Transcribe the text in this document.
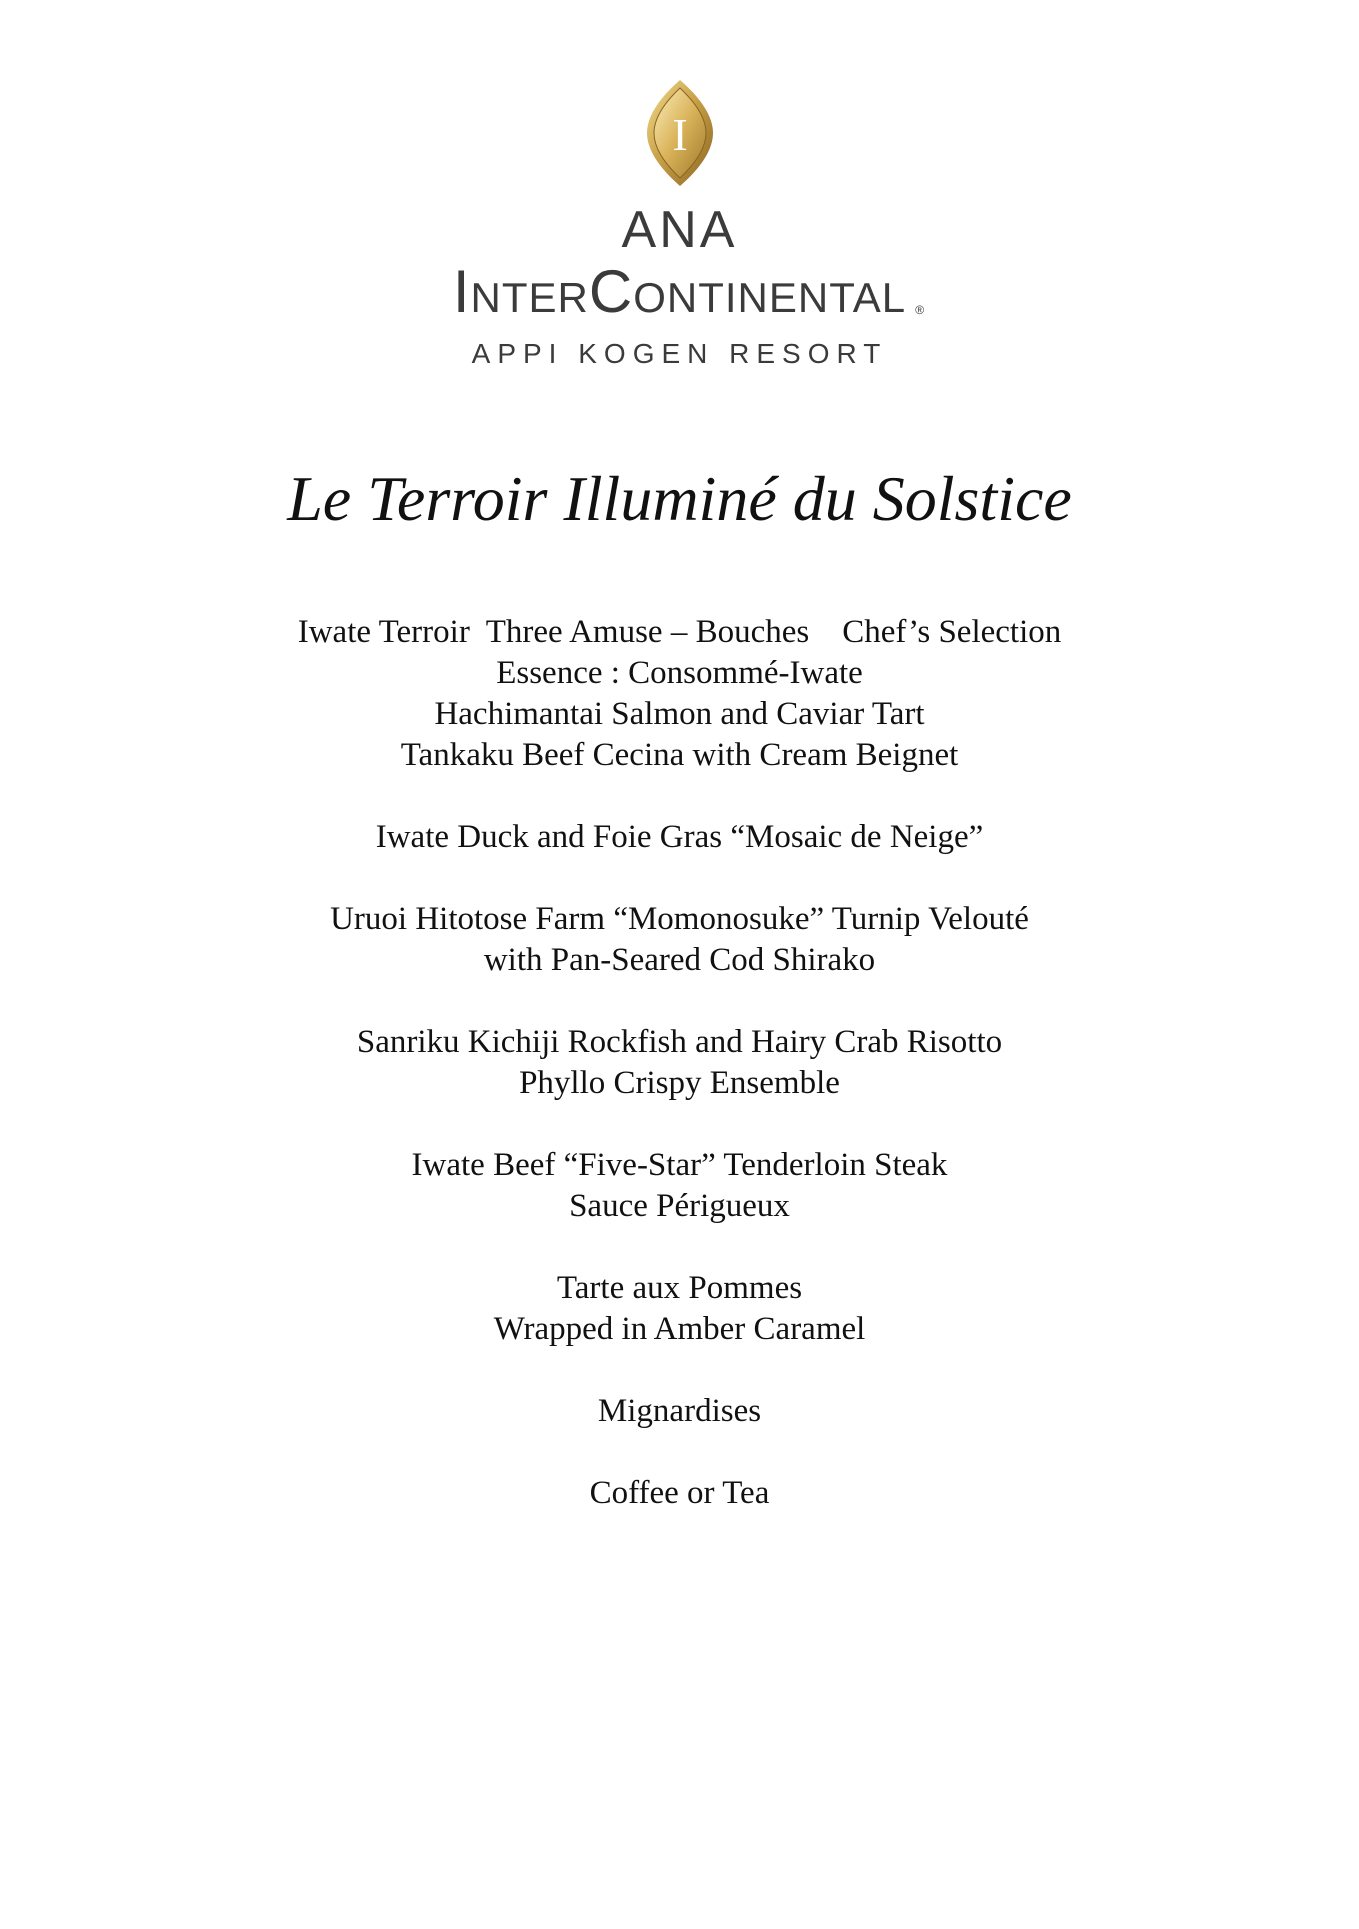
I
ANA
InterContinental ®
APPI KOGEN RESORT
Le Terroir Illuminé du Solstice
Iwate Terroir  Three Amuse – Bouches    Chef’s Selection
Essence : Consommé-Iwate
Hachimantai Salmon and Caviar Tart
Tankaku Beef Cecina with Cream Beignet
Iwate Duck and Foie Gras “Mosaic de Neige”
Uruoi Hitotose Farm “Momonosuke” Turnip Velouté
with Pan-Seared Cod Shirako
Sanriku Kichiji Rockfish and Hairy Crab Risotto
Phyllo Crispy Ensemble
Iwate Beef “Five-Star” Tenderloin Steak
Sauce Périgueux
Tarte aux Pommes
Wrapped in Amber Caramel
Mignardises
Coffee or Tea
